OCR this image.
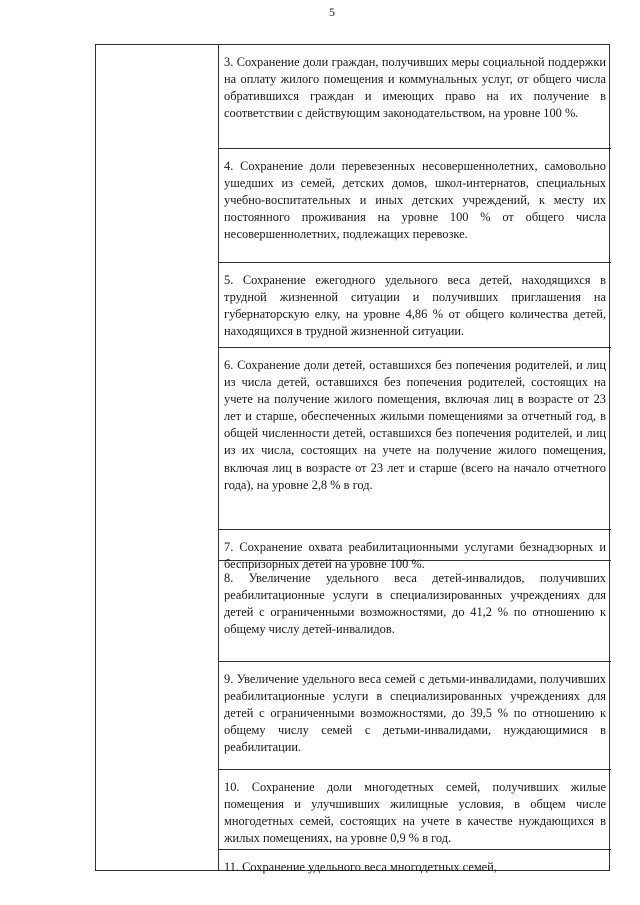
5
3. Сохранение доли граждан, получивших меры социальной поддержки на оплату жилого помещения и коммунальных услуг, от общего числа обратившихся граждан и имеющих право на их получение в соответствии с действующим законодательством, на уровне 100 %.
4. Сохранение доли перевезенных несовершеннолетних, самовольно ушедших из семей, детских домов, школ-интернатов, специальных учебно-воспитательных и иных детских учреждений, к месту их постоянного проживания на уровне 100 % от общего числа несовершеннолетних, подлежащих перевозке.
5. Сохранение ежегодного удельного веса детей, находящихся в трудной жизненной ситуации и получивших приглашения на губернаторскую елку, на уровне 4,86 % от общего количества детей, находящихся в трудной жизненной ситуации.
6. Сохранение доли детей, оставшихся без попечения родителей, и лиц из числа детей, оставшихся без попечения родителей, состоящих на учете на получение жилого помещения, включая лиц в возрасте от 23 лет и старше, обеспеченных жилыми помещениями за отчетный год, в общей численности детей, оставшихся без попечения родителей, и лиц из их числа, состоящих на учете на получение жилого помещения, включая лиц в возрасте от 23 лет и старше (всего на начало отчетного года), на уровне 2,8 % в год.
7. Сохранение охвата реабилитационными услугами безнадзорных и беспризорных детей на уровне 100 %.
8. Увеличение удельного веса детей-инвалидов, получивших реабилитационные услуги в специализированных учреждениях для детей с ограниченными возможностями, до 41,2 % по отношению к общему числу детей-инвалидов.
9. Увеличение удельного веса семей с детьми-инвалидами, получивших реабилитационные услуги в специализированных учреждениях для детей с ограниченными возможностями, до 39,5 % по отношению к общему числу семей с детьми-инвалидами, нуждающимися в реабилитации.
10. Сохранение доли многодетных семей, получивших жилые помещения и улучшивших жилищные условия, в общем числе многодетных семей, состоящих на учете в качестве нуждающихся в жилых помещениях, на уровне 0,9 % в год.
11. Сохранение удельного веса многодетных семей,
